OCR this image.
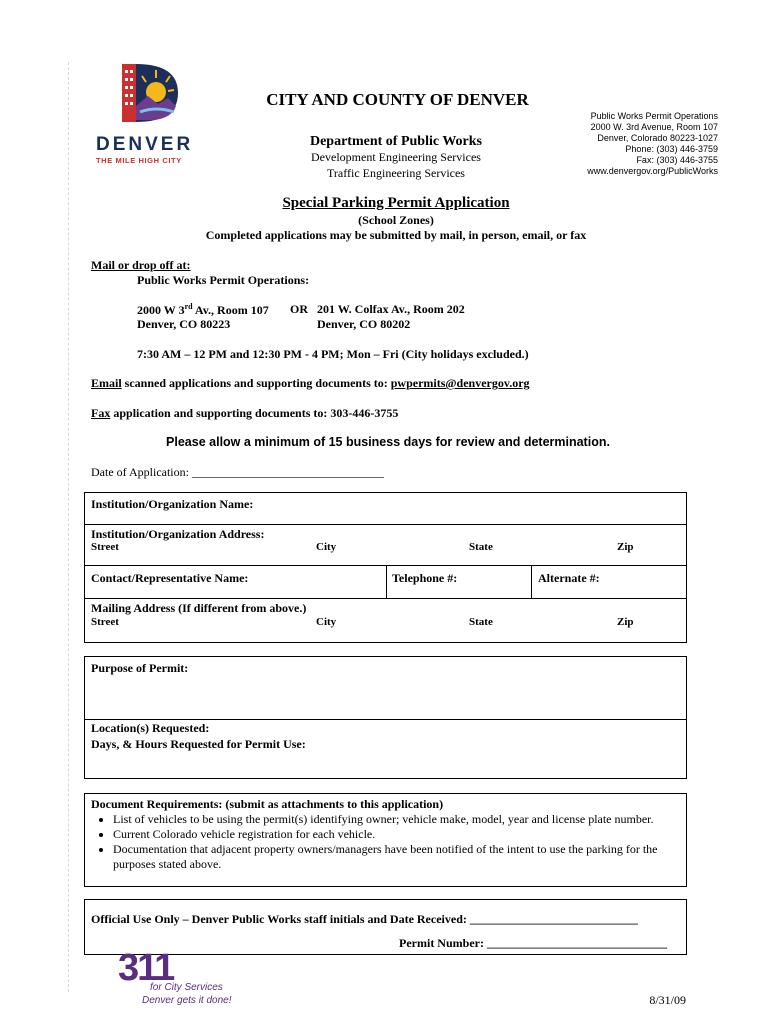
DENVER
THE MILE HIGH CITY
CITY AND COUNTY OF DENVER
Department of Public Works
Development Engineering Services
Traffic Engineering Services
Public Works Permit Operations
2000 W. 3rd Avenue, Room 107
Denver, Colorado 80223-1027
Phone: (303) 446-3759
Fax: (303) 446-3755
www.denvergov.org/PublicWorks
Special Parking Permit Application
(School Zones)
Completed applications may be submitted by mail, in person, email, or fax
Mail or drop off at:
Public Works Permit Operations:
2000 W 3rd Av., Room 107 OR 201 W. Colfax Av., Room 202
Denver, CO 80223	Denver, CO 80202
7:30 AM – 12 PM and 12:30 PM - 4 PM; Mon – Fri (City holidays excluded.)
Email scanned applications and supporting documents to: pwpermits@denvergov.org
Fax application and supporting documents to: 303-446-3755
Please allow a minimum of 15 business days for review and determination.
Date of Application: ________________________________
Institution/Organization Name:
Institution/Organization Address:
Street	City	State	Zip
Contact/Representative Name:	Telephone #:	Alternate #:
Mailing Address (If different from above.)
Street	City	State	Zip
Purpose of Permit:
Location(s) Requested:
Days, & Hours Requested for Permit Use:
Document Requirements: (submit as attachments to this application)
• List of vehicles to be using the permit(s) identifying owner; vehicle make, model, year and license plate number.
• Current Colorado vehicle registration for each vehicle.
• Documentation that adjacent property owners/managers have been notified of the intent to use the parking for the purposes stated above.
Official Use Only – Denver Public Works staff initials and Date Received: ____________________________
Permit Number: ______________________________
311
for City Services
Denver gets it done!	8/31/09
